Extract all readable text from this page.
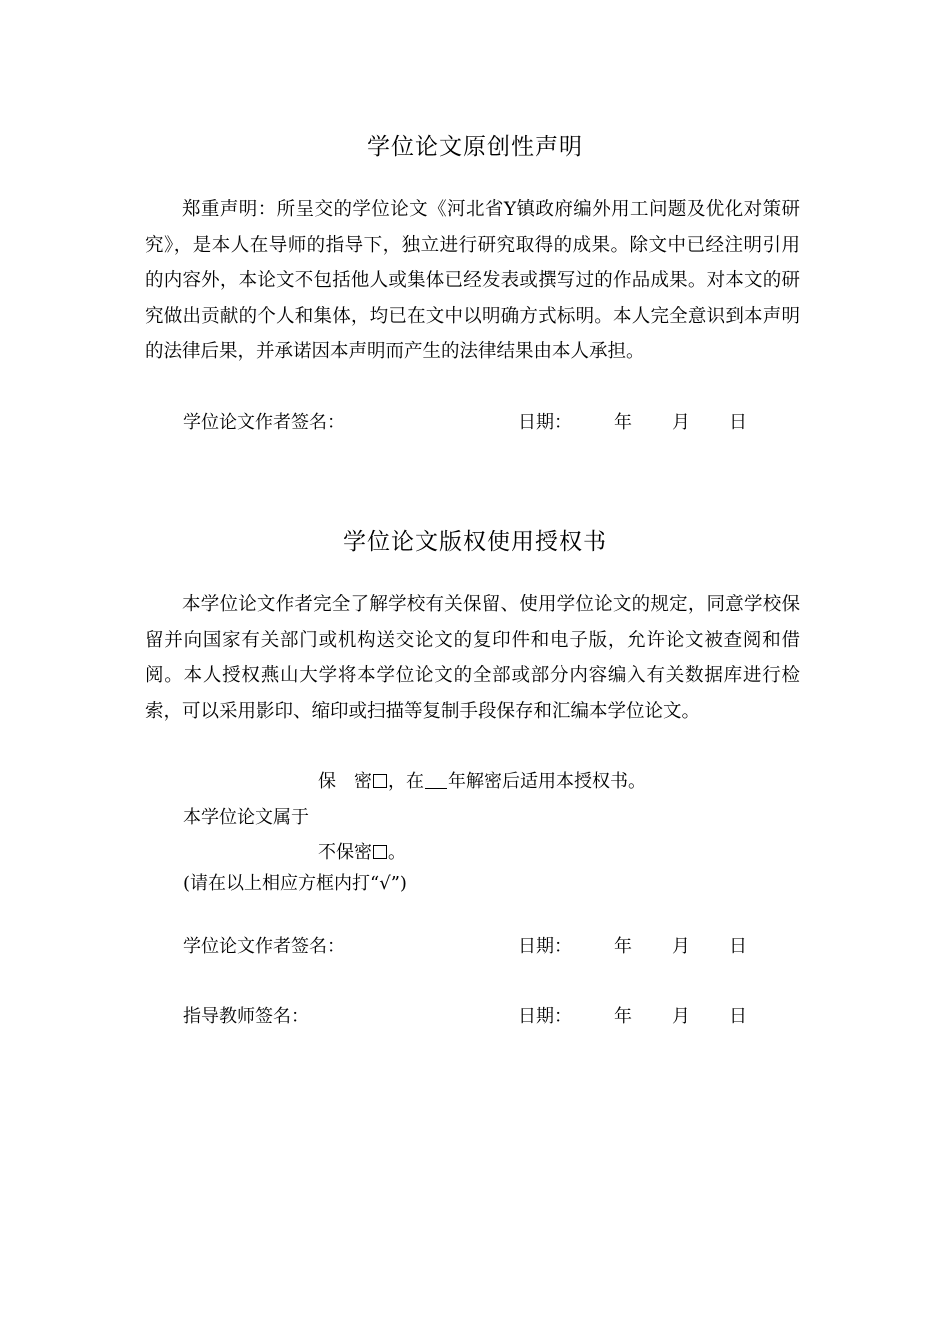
学位论文原创性声明
郑重声明：所呈交的学位论文《河北省Y镇政府编外用工问题及优化对策研究》，是本人在导师的指导下，独立进行研究取得的成果。除文中已经注明引用的内容外，本论文不包括他人或集体已经发表或撰写过的作品成果。对本文的研究做出贡献的个人和集体，均已在文中以明确方式标明。本人完全意识到本声明的法律后果，并承诺因本声明而产生的法律结果由本人承担。
学位论文作者签名：	日期： 年 月 日
学位论文版权使用授权书
本学位论文作者完全了解学校有关保留、使用学位论文的规定，同意学校保留并向国家有关部门或机构送交论文的复印件和电子版，允许论文被查阅和借阅。本人授权燕山大学将本学位论文的全部或部分内容编入有关数据库进行检索，可以采用影印、缩印或扫描等复制手段保存和汇编本学位论文。
保　密 ，在 年解密后适用本授权书。
本学位论文属于
不保密 。
(请在以上相应方框内打“√”)
学位论文作者签名：	日期： 年 月 日
指导教师签名：	日期： 年 月 日
